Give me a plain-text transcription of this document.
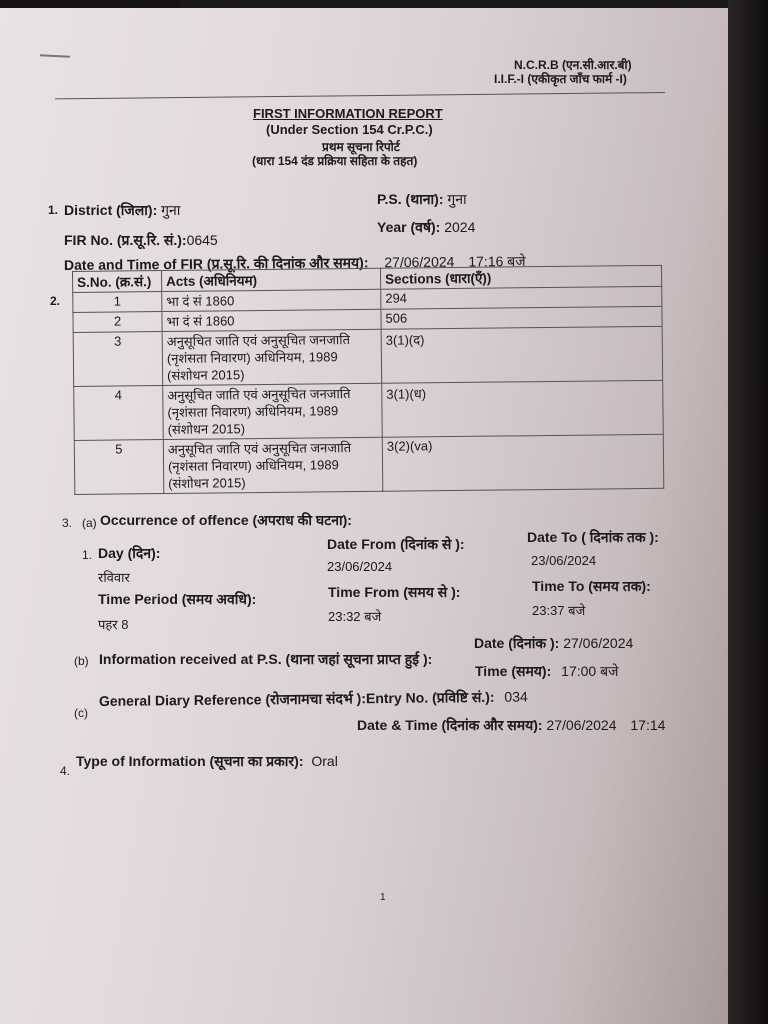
N.C.R.B (एन.सी.आर.बी)
I.I.F.-I (एकीकृत जाँच फार्म -I)
FIRST INFORMATION REPORT
(Under Section 154 Cr.P.C.)
प्रथम सूचना रिपोर्ट
(धारा 154 दंड प्रक्रिया सहिता के तहत)
1. District (जिला): गुना
P.S. (थाना): गुना
FIR No. (प्र.सू.रि. सं.):0645
Year (वर्ष): 2024
Date and Time of FIR (प्र.सू.रि. की दिनांक और समय): 27/06/2024 17:16 बजे
2.
S.No. (क्र.सं.)	Acts (अधिनियम)	Sections (धारा(एँ))
1	भा दं सं 1860	294
2	भा दं सं 1860	506
3	अनुसूचित जाति एवं अनुसूचित जनजाति (नृशंसता निवारण) अधिनियम, 1989 (संशोधन 2015)	3(1)(द)
4	अनुसूचित जाति एवं अनुसूचित जनजाति (नृशंसता निवारण) अधिनियम, 1989 (संशोधन 2015)	3(1)(ध)
5	अनुसूचित जाति एवं अनुसूचित जनजाति (नृशंसता निवारण) अधिनियम, 1989 (संशोधन 2015)	3(2)(va)
3. (a) Occurrence of offence (अपराध की घटना):
1. Day (दिन):
रविवार
Time Period (समय अवधि):
पहर 8
Date From (दिनांक से ):
23/06/2024
Time From (समय से ):
23:32 बजे
Date To ( दिनांक तक ):
23/06/2024
Time To (समय तक):
23:37 बजे
(b) Information received at P.S. (थाना जहां सूचना प्राप्त हुई ):
Date (दिनांक ): 27/06/2024
Time (समय): 17:00 बजे
(c)
General Diary Reference (रोजनामचा संदर्भ ):Entry No. (प्रविष्टि सं.): 034
Date & Time (दिनांक और समय): 27/06/2024 17:14
4.
Type of Information (सूचना का प्रकार): Oral
1
